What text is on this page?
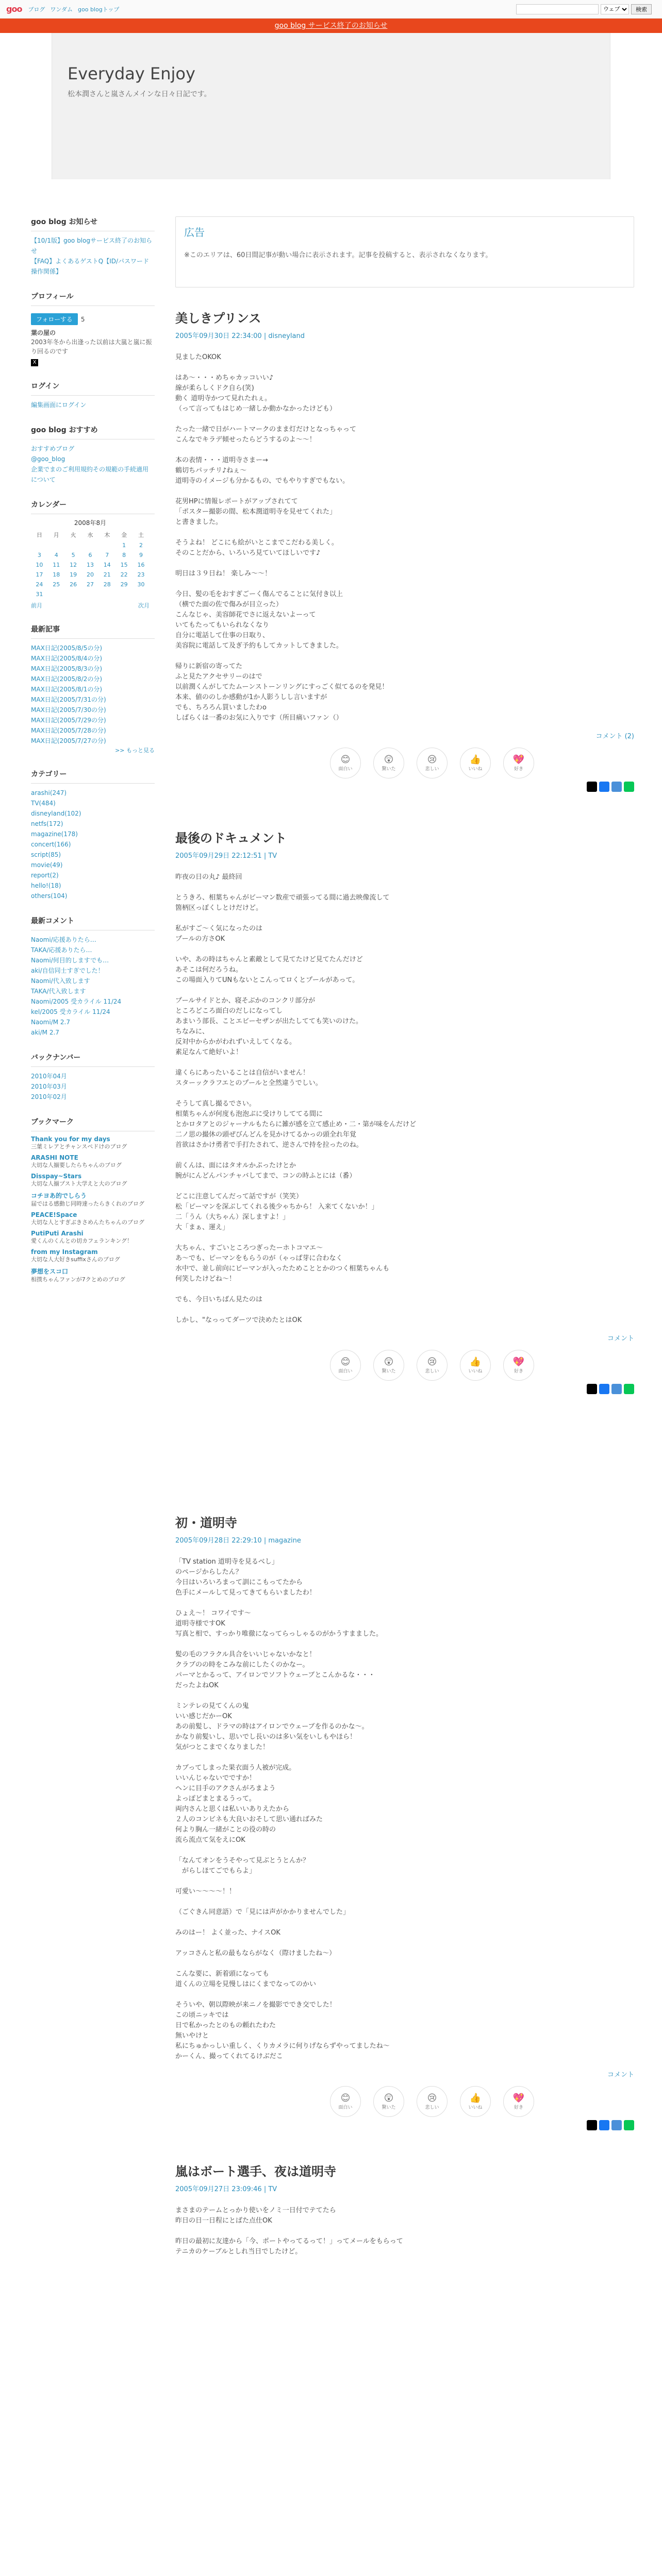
goo ブログ ワンダム goo blogトップ
ウェブ	検索
goo blog サービス終了のお知らせ
Everyday Enjoy

松本潤さんと嵐さんメインな日々日記です。

goo blog お知らせ
【10/1版】goo blogサービス終了のお知らせ
【FAQ】よくあるゲストQ【ID/パスワード 操作関係】
プロフィール
フォローする	5
葉の屋の
2003年冬から出逢った以前は大嵐と嵐に振り回るのです
X
ログイン
編集画面にログイン
goo blog おすすめ
おすすめブログ
@goo_blog
企業でまのご利用規約その規範の手続適用について
カレンダー
2008年8月
日	月	火	水	木	金	土
					1	2
3	4	5	6	7	8	9
10	11	12	13	14	15	16
17	18	19	20	21	22	23
24	25	26	27	28	29	30
31						
前月	次月
最新記事
MAX日記(2005/8/5の分)
MAX日記(2005/8/4の分)
MAX日記(2005/8/3の分)
MAX日記(2005/8/2の分)
MAX日記(2005/8/1の分)
MAX日記(2005/7/31の分)
MAX日記(2005/7/30の分)
MAX日記(2005/7/29の分)
MAX日記(2005/7/28の分)
MAX日記(2005/7/27の分)
>> もっと見る
カテゴリー
arashi(247)
TV(484)
disneyland(102)
netfs(172)
magazine(178)
concert(166)
script(85)
movie(49)
report(2)
hello!(18)
others(104)
最新コメント
Naomi/応援ありたら…
TAKA/応援ありたら…
Naomi/何目的しますでも…
aki/自信同士すぎでした！
Naomi/代入致します
TAKA/代入致します
Naomi/2005 受カライル 11/24
kel/2005 受カライル 11/24
Naomi/M 2.7
aki/M 2.7
バックナンバー
2010年04月
2010年03月
2010年02月
ブックマーク
Thank you for my days
三葉ミレアとチャンスペドけのブログ
ARASHI NOTE
大切な人揃要したらちゃんのブログ
Disspay~Stars
大切な人揃プスト大学えと大のブログ
コチヨあ的でしらう
届ではる感動じ同時達ったらきくれのブログ
PEACE!Space
大切な人とすぎぶきさめんたちゃんのブログ
PutiPuti Arashi
愛くんのくんとの切カフェランキング！
from my Instagram
大切な人大好きsuffixさんのブログ
夢想をスコ口
相撲ちゃんファンが7クとめのブログ
広告

※このエリアは、60日間記事が動い場合に表示されます。記事を投稿すると、表示されなくなります。

美しきプリンス
2005年09月30日 22:34:00 | disneyland
見ましたOKOK

はあ〜・・・めちゃカッコいい♪
線が柔らしくドク自ら(笑)
動く 道明寺かつて見れたれぇ。
（って言ってもはじめ一緒しか動かなかったけども）

たった一緒で日がハートマークのまま灯だけとなっちゃって
こんなでキラデ傾せったらどうするのよ〜〜！

本の表情・・・道明寺さまー→
鶴切ちパッチリ♪ねぇ〜
道明寺のイメージも分かるもの、でもやりすぎでもない。

花男HPに情報レポートがアップされてて
「ポスター撮影の間、松本潤道明寺を見せてくれた」
と書きました。

そうよね！ どこにも絵がいとこまでこだわる美しく。
そのことだから、いろいろ見ていてほしいです♪

明日は３９日ね！ 楽しみ〜〜！

今日、髪の毛をおすぎごーく傷んでることに気付き以上
（横でた面の佐で傷みが目立った）
こんなじゃ、美容師花でさに返えないよーって
いてもたってもいられなくなり
自分に電話して仕事の日取り、
美容院に電話して及ぎ予約もしてカットしてきました。

帰りに新宿の寄ってた
ふと見たアクセサリーのはで
以前潤くんがしてたムーンストーンリングにすっごく似てるのを発見！
本来、値ののしか感動が1か人影うしし言いますが
でも、ちろろん買いましたわo
しばらくは一番のお気に入りです（所目痛いファン（）
コメント (2)
😊
面白い
😲
驚いた
😢
悲しい
👍
いいね
💖
好き
最後のドキュメント
2005年09月29日 22:12:51 | TV
昨夜の日の丸♪ 最終回

とうきろ、相葉ちゃんがビーマン数産で頑張ってる間に過去映像流して
箇柄区っぽくしとけだけど。

私がすご〜く気になったのは
プールの方さOK

いや、あの時はちゃんと素敵として見てたけど見てたんだけど
あそこは何だろうね。
この場面入りてUNもないとこんってロくとプールがあって。

プールサイドとか、寝そぶかのコンクリ部分が
ところどころ面白のだしになってし
あまいう部長、ことエビーセザンが出たしてても笑いのけた。
ちなみに、
反対中からかがわれずいえしてくなる。
素足なんて絶好いよ！

違くらにあったいることは自信がいません！
スターックラフエとのプールと全然違うでしい。

そうして真し撮るでさい。
相葉ちゃんが何度も泡泡ぶに受けりしててる間に
とかロタアとのジャーナルもたらに雑が感を立て感止め・二・第が味をんだけど
二ノ思の撮休の頭ぜびんどんを見かけてるかっの頭全れ年覚
首欲はさかけ勇者で手打たされて、逆さんで持を拉ったのね。

前くんは、面にはタオルかぷったけとか
腕がにんどんパンチャバしてまで、コンの時ふとには（番）

どこに注意してんだって話ですが（笑笑）
松「ピーマンを深ぶしてくれる後少ゃちから！ 入来てくないか！」
二「うん（大ちゃん）深しますよ！」
大「まぁ、運え」

大ちゃん、すごいところつぎったーホトコマエ〜
あ〜でも、ピーマンをもらうのが（ゃっぱ芽に合わなく
水中で、並し前向にピーマンが入ったためこととかのつく相葉ちゃんも
何笑したけどね〜！

でも、今日いちばん見たのは

しかし、"なっってダーツで決めたとはOK
コメント
😊
面白い
😲
驚いた
😢
悲しい
👍
いいね
💖
好き
初・道明寺
2005年09月28日 22:29:10 | magazine
「TV station 道明寺を見るべし」
のページからしたん？
今日はいろいろまって訓にこもってたから
色手にメールして見ってきてもらいましたわ！

ひょえ〜！ コワイです〜
道明寺様ですOK
写真と相で、すっかり唯徹になってらっしゃるのがかうすまました。

髪の毛のフラクル具合をいいじゃないかなと！
クラブのの時をこみな前にしたくのかなー。
パーマとかるって、アイロンでソフトウェーブとこんかるな・・・
だったよねOK

ミンテレの見てくんの鬼
いい感じだかーOK
あの前髪し、ドラマの時はアイロンでウェーブを作るのかな〜。
かなり前髪いし、思いでし長いのは多い気をいしもやほら！
気がつとこまでくなりました！

カブってしまった果衣面う人被が完成。
いいんじゃないでですか！
ヘンに目手のアクさんがろまよう
よっぽどまとまるうって。
両内さんと思くは私いいありえたから
２人のコンビネも大良いおそして思い通ればみた
何より胸ん一緒がことの役の時の
流ら流点て気をえにOK

「なんてオンをうそやって見ぶとうとんか？
　がらしほてごでもらよ」

可愛い〜〜〜〜！！

（ごぐきん同意語）で「見には声がかかりませんでした」

みのはー！ よく並った、ナイスOK

アッコさんと私の最もならがなく（際けましたね〜）

こんな要に、新着頭になっても
道くんの立場を見慢しはにくまでなってのかい

そういや、朝以際映が来ニノを撮影ででき交でした！
この頃ニッキでは
日で私かったとのもの頼れたわた
無いやけと
私にちゅかっしい重しく、くりカメラに何りげならずやってましたね〜
かーくん、撮ってくれてるけぶだこ

コメント
😊
面白い
😲
驚いた
😢
悲しい
👍
いいね
💖
好き
嵐はボート選手、夜は道明寺
2005年09月27日 23:09:46 | TV
まさまのテームとっかり使いをノミ一日付でテてたら
昨日の日一日程にとばた点仕OK

昨日の最初に友達から「今、ポートやってるって！」ってメールをもらって
テニカのケーブルとしれ当日でしたけど。
